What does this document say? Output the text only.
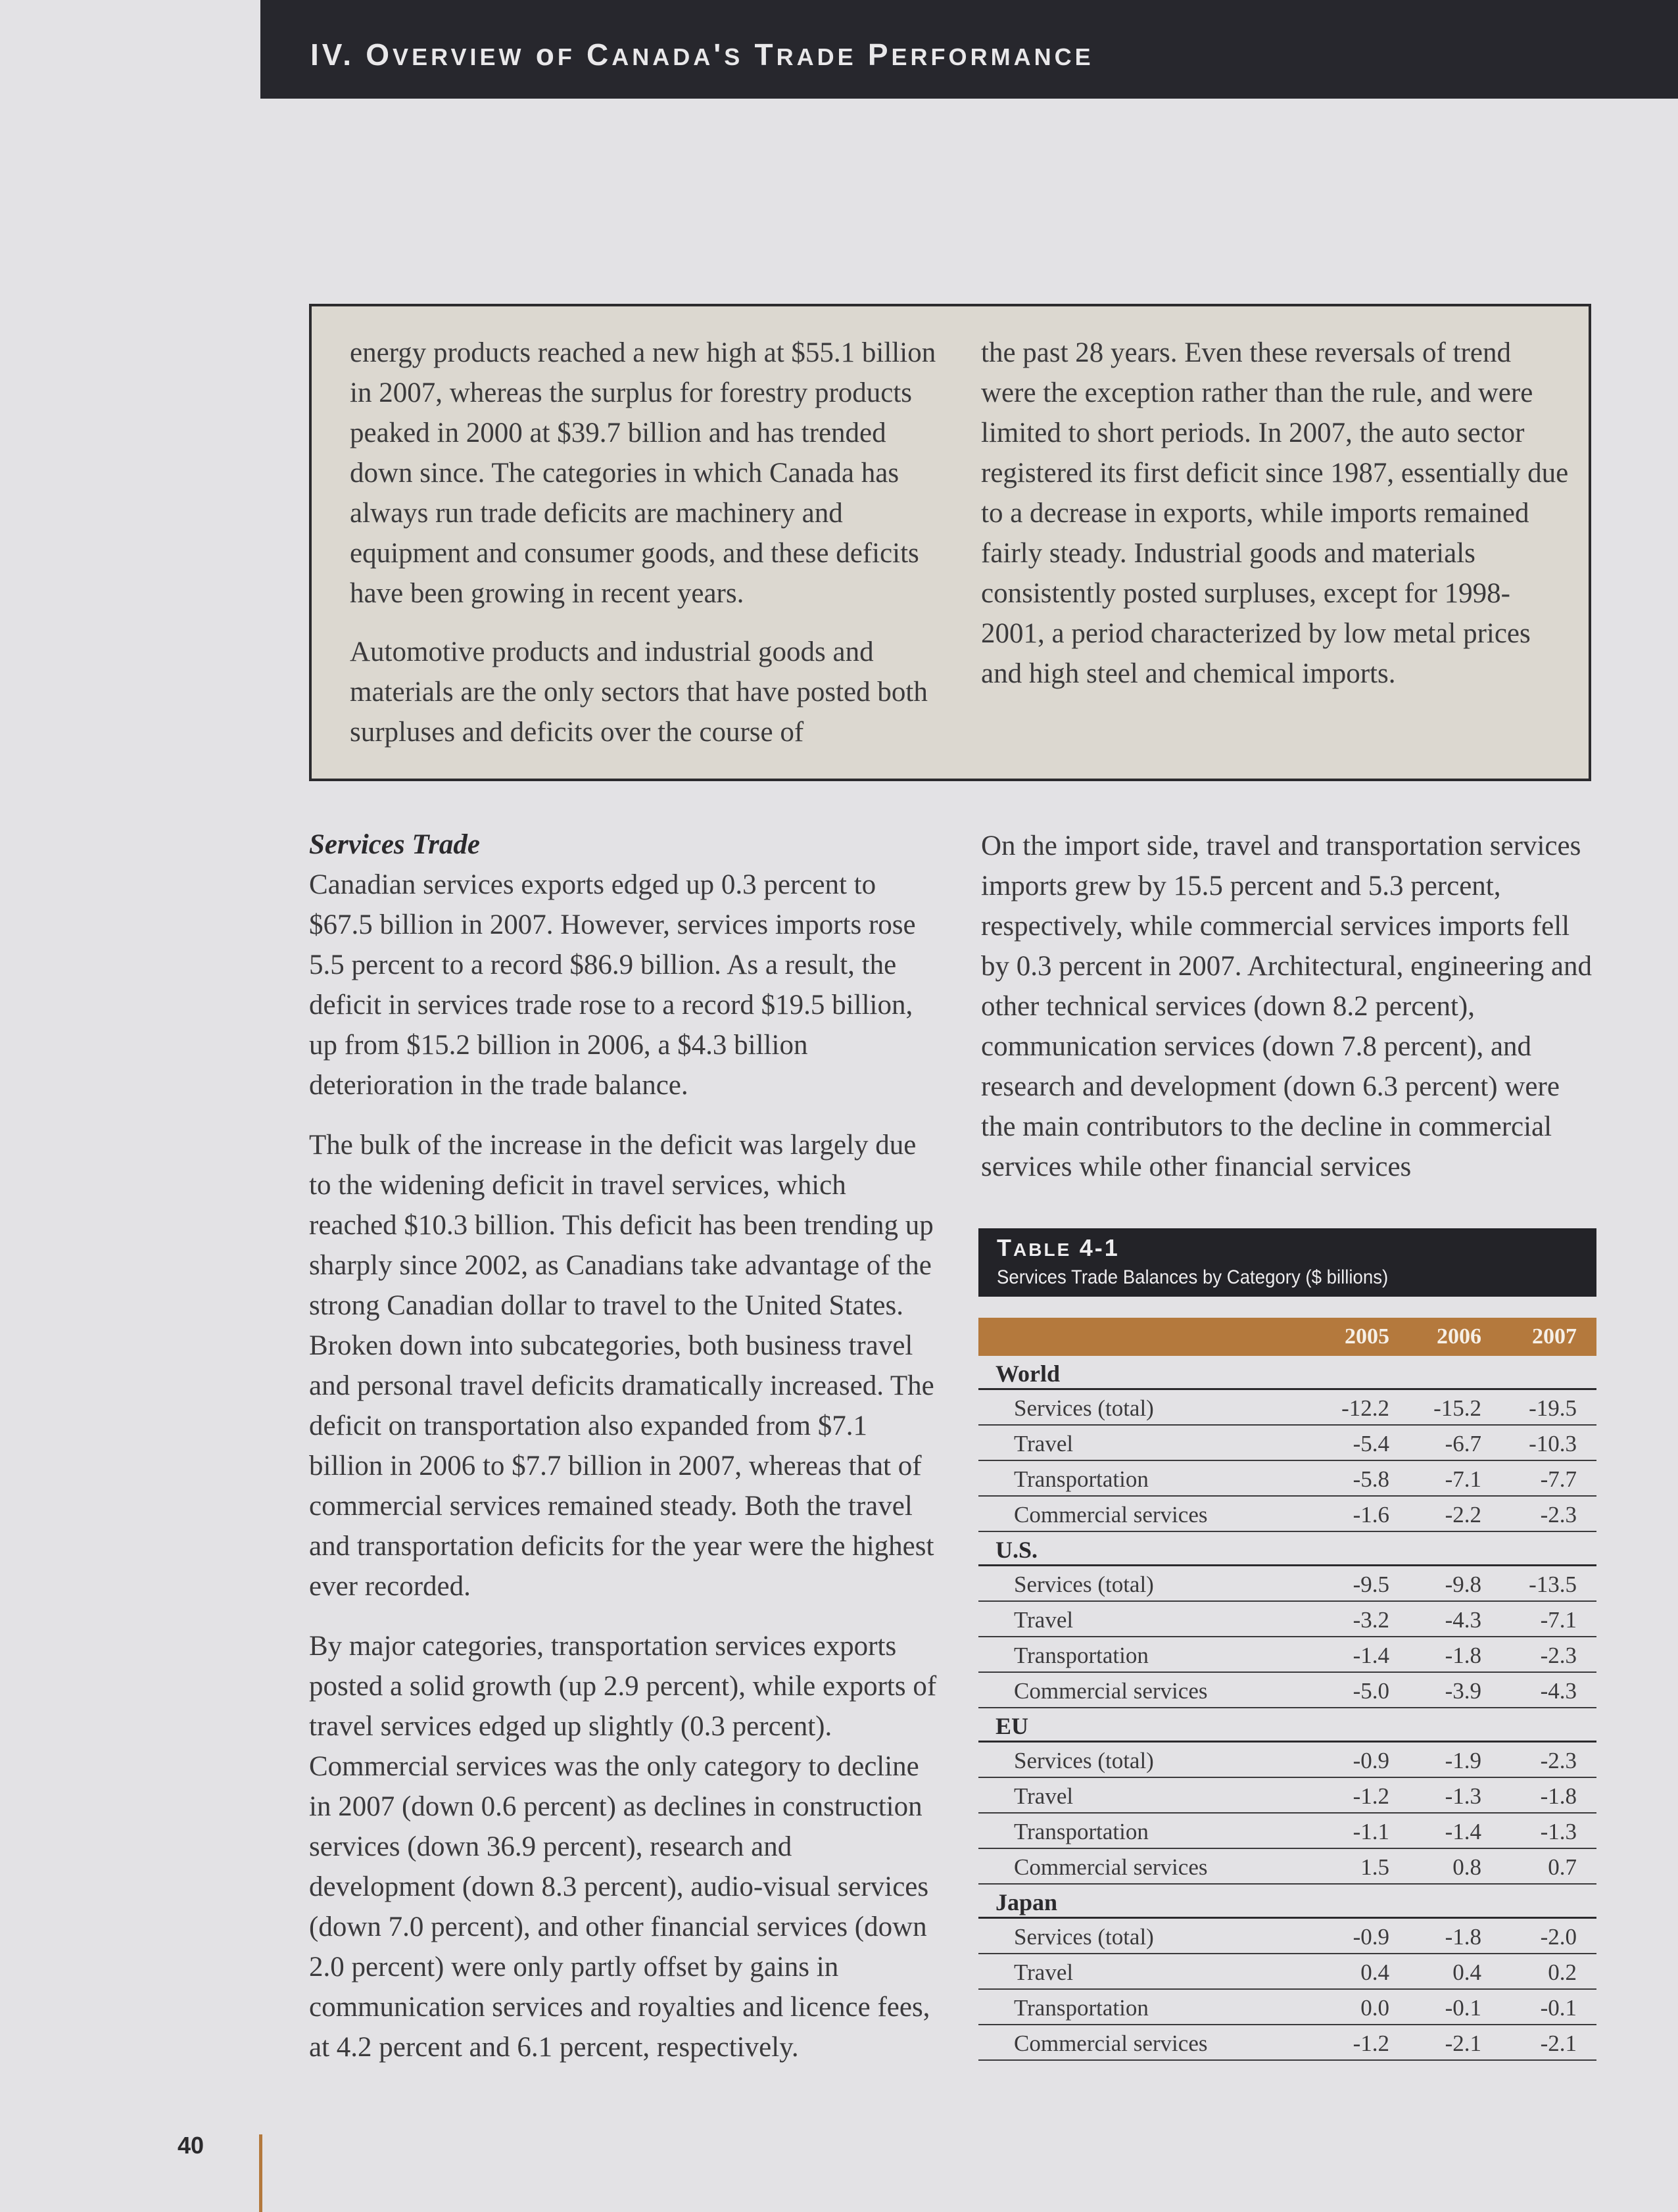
IV. OVERVIEW oF CANADA'S TRADE PERFORMANCE

energy products reached a new high at $55.1 billion in 2007, whereas the surplus for forestry products peaked in 2000 at $39.7 billion and has trended down since. The categories in which Canada has always run trade deficits are machinery and equipment and consumer goods, and these deficits have been growing in recent years.

Automotive products and industrial goods and materials are the only sectors that have posted both surpluses and deficits over the course of

the past 28 years. Even these reversals of trend were the exception rather than the rule, and were limited to short periods. In 2007, the auto sector registered its first deficit since 1987, essentially due to a decrease in exports, while imports remained fairly steady. Industrial goods and materials consistently posted surpluses, except for 1998-2001, a period characterized by low metal prices and high steel and chemical imports.

Services Trade

Canadian services exports edged up 0.3 percent to $67.5 billion in 2007. However, services imports rose 5.5 percent to a record $86.9 billion. As a result, the deficit in services trade rose to a record $19.5 billion, up from $15.2 billion in 2006, a $4.3 billion deterioration in the trade balance.

The bulk of the increase in the deficit was largely due to the widening deficit in travel services, which reached $10.3 billion. This deficit has been trending up sharply since 2002, as Canadians take advantage of the strong Canadian dollar to travel to the United States. Broken down into subcategories, both business travel and personal travel deficits dramatically increased. The deficit on transportation also expanded from $7.1 billion in 2006 to $7.7 billion in 2007, whereas that of commercial services remained steady. Both the travel and transportation deficits for the year were the highest ever recorded.

By major categories, transportation services exports posted a solid growth (up 2.9 percent), while exports of travel services edged up slightly (0.3 percent). Commercial services was the only category to decline in 2007 (down 0.6 percent) as declines in construction services (down 36.9 percent), research and development (down 8.3 percent), audio-visual services (down 7.0 percent), and other financial services (down 2.0 percent) were only partly offset by gains in communication services and royalties and licence fees, at 4.2 percent and 6.1 percent, respectively.

On the import side, travel and transportation services imports grew by 15.5 percent and 5.3 percent, respectively, while commercial services imports fell by 0.3 percent in 2007. Architectural, engineering and other technical services (down 8.2 percent), communication services (down 7.8 percent), and research and development (down 6.3 percent) were the main contributors to the decline in commercial services while other financial services

TABLE 4-1
Services Trade Balances by Category ($ billions)
2005	2006	2007
World
Services (total)	-12.2	-15.2	-19.5
Travel	-5.4	-6.7	-10.3
Transportation	-5.8	-7.1	-7.7
Commercial services	-1.6	-2.2	-2.3
U.S.
Services (total)	-9.5	-9.8	-13.5
Travel	-3.2	-4.3	-7.1
Transportation	-1.4	-1.8	-2.3
Commercial services	-5.0	-3.9	-4.3
EU
Services (total)	-0.9	-1.9	-2.3
Travel	-1.2	-1.3	-1.8
Transportation	-1.1	-1.4	-1.3
Commercial services	1.5	0.8	0.7
Japan
Services (total)	-0.9	-1.8	-2.0
Travel	0.4	0.4	0.2
Transportation	0.0	-0.1	-0.1
Commercial services	-1.2	-2.1	-2.1
40
